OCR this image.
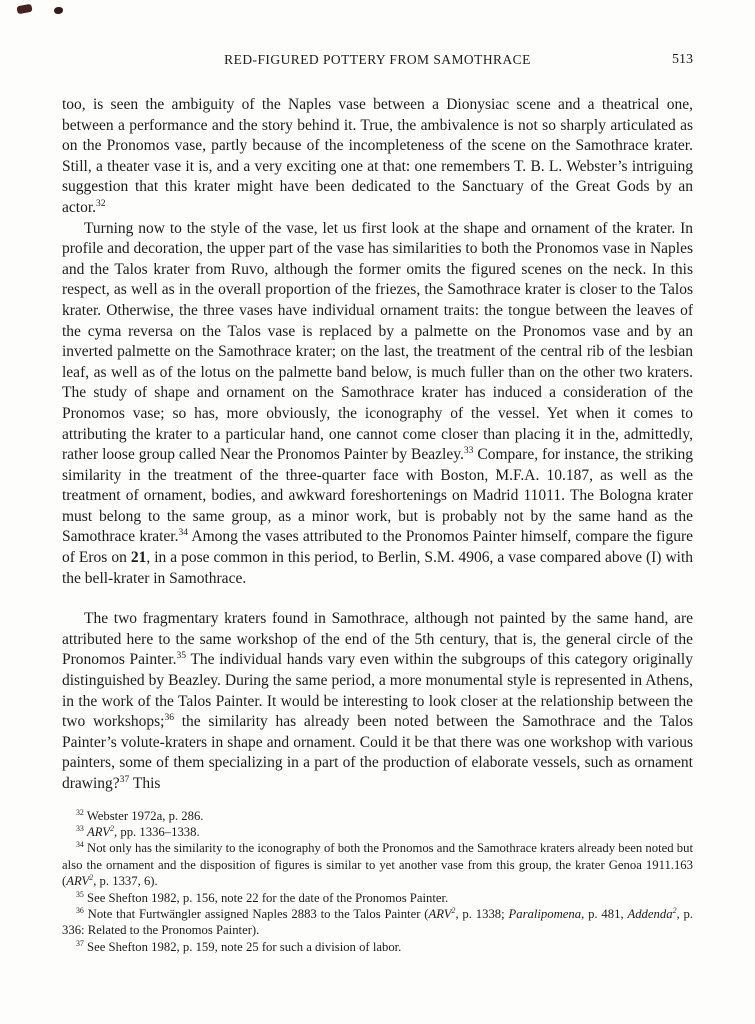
RED-FIGURED POTTERY FROM SAMOTHRACE	513

too, is seen the ambiguity of the Naples vase between a Dionysiac scene and a theatrical one, between a performance and the story behind it. True, the ambivalence is not so sharply articulated as on the Pronomos vase, partly because of the incompleteness of the scene on the Samothrace krater. Still, a theater vase it is, and a very exciting one at that: one remembers T. B. L. Webster’s intriguing suggestion that this krater might have been dedicated to the Sanctuary of the Great Gods by an actor.$^{32}$

Turning now to the style of the vase, let us first look at the shape and ornament of the krater. In profile and decoration, the upper part of the vase has similarities to both the Pronomos vase in Naples and the Talos krater from Ruvo, although the former omits the figured scenes on the neck. In this respect, as well as in the overall proportion of the friezes, the Samothrace krater is closer to the Talos krater. Otherwise, the three vases have individual ornament traits: the tongue between the leaves of the cyma reversa on the Talos vase is replaced by a palmette on the Pronomos vase and by an inverted palmette on the Samothrace krater; on the last, the treatment of the central rib of the lesbian leaf, as well as of the lotus on the palmette band below, is much fuller than on the other two kraters. The study of shape and ornament on the Samothrace krater has induced a consideration of the Pronomos vase; so has, more obviously, the iconography of the vessel. Yet when it comes to attributing the krater to a particular hand, one cannot come closer than placing it in the, admittedly, rather loose group called Near the Pronomos Painter by Beazley.$^{33}$ Compare, for instance, the striking similarity in the treatment of the three-quarter face with Boston, M.F.A. 10.187, as well as the treatment of ornament, bodies, and awkward foreshortenings on Madrid 11011. The Bologna krater must belong to the same group, as a minor work, but is probably not by the same hand as the Samothrace krater.$^{34}$ Among the vases attributed to the Pronomos Painter himself, compare the figure of Eros on 21, in a pose common in this period, to Berlin, S.M. 4906, a vase compared above (I) with the bell-krater in Samothrace.

The two fragmentary kraters found in Samothrace, although not painted by the same hand, are attributed here to the same workshop of the end of the 5th century, that is, the general circle of the Pronomos Painter.$^{35}$ The individual hands vary even within the subgroups of this category originally distinguished by Beazley. During the same period, a more monumental style is represented in Athens, in the work of the Talos Painter. It would be interesting to look closer at the relationship between the two workshops;$^{36}$ the similarity has already been noted between the Samothrace and the Talos Painter’s volute-kraters in shape and ornament. Could it be that there was one workshop with various painters, some of them specializing in a part of the production of elaborate vessels, such as ornament drawing?$^{37}$ This

$^{32}$ Webster 1972a, p. 286.

$^{33}$ ARV$^2$, pp. 1336–1338.

$^{34}$ Not only has the similarity to the iconography of both the Pronomos and the Samothrace kraters already been noted but also the ornament and the disposition of figures is similar to yet another vase from this group, the krater Genoa 1911.163 (ARV$^2$, p. 1337, 6).

$^{35}$ See Shefton 1982, p. 156, note 22 for the date of the Pronomos Painter.

$^{36}$ Note that Furtwängler assigned Naples 2883 to the Talos Painter (ARV$^2$, p. 1338; Paralipomena, p. 481, Addenda$^2$, p. 336: Related to the Pronomos Painter).

$^{37}$ See Shefton 1982, p. 159, note 25 for such a division of labor.
